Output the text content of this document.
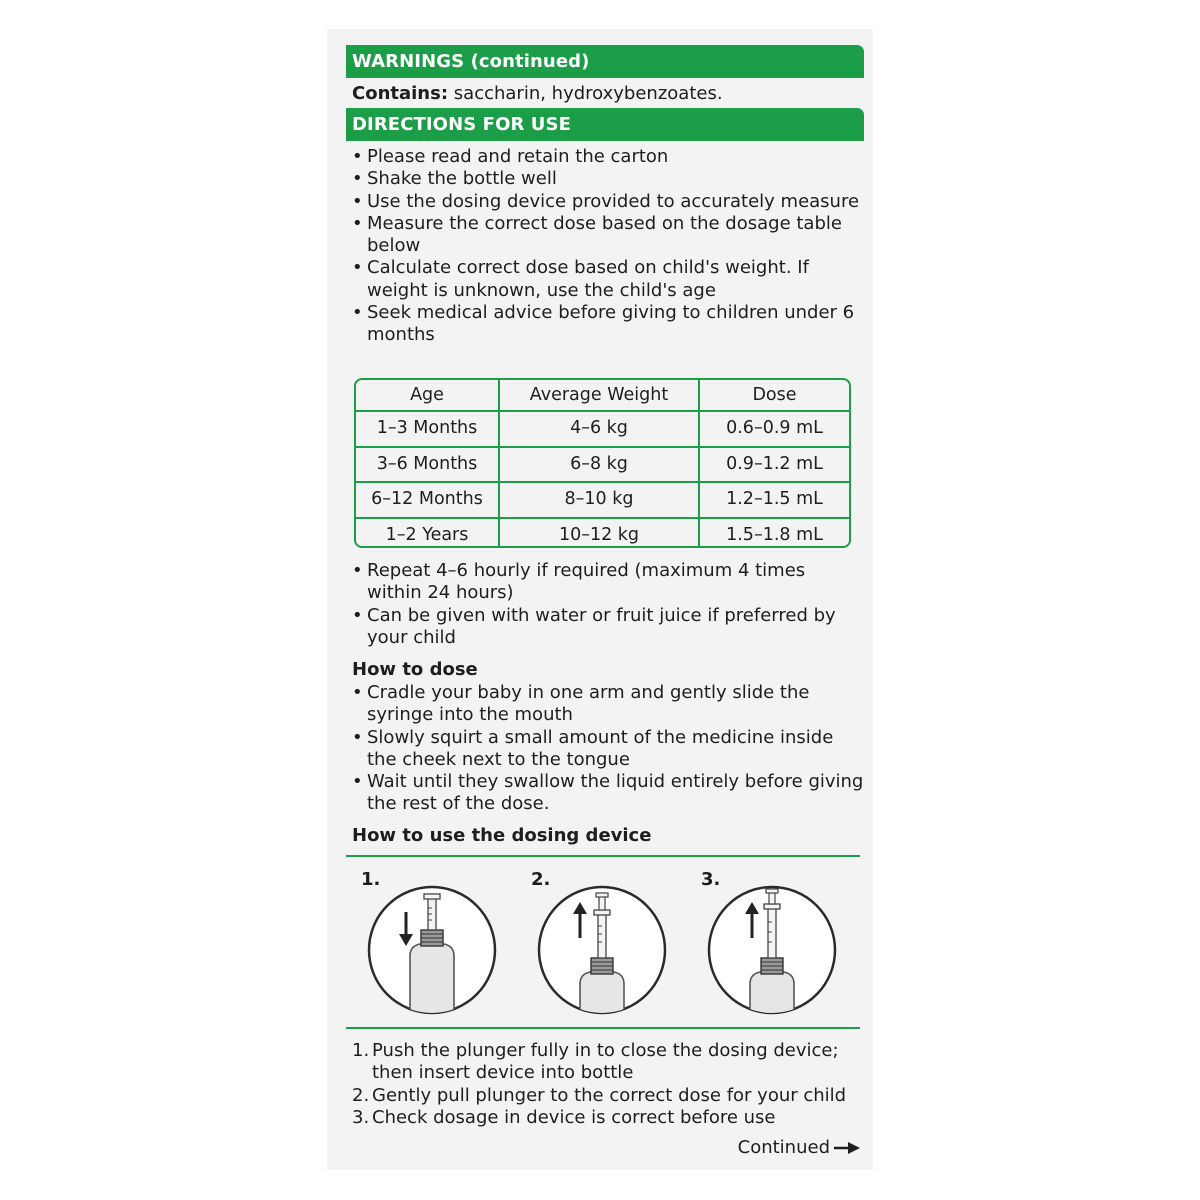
WARNINGS (continued)
Contains: saccharin, hydroxybenzoates.
DIRECTIONS FOR USE
• Please read and retain the carton
• Shake the bottle well
• Use the dosing device provided to accurately measure
• Measure the correct dose based on the dosage table below
• Calculate correct dose based on child's weight. If weight is unknown, use the child's age
• Seek medical advice before giving to children under 6 months
Age	Average Weight	Dose
1–3 Months	4–6 kg	0.6–0.9 mL
3–6 Months	6–8 kg	0.9–1.2 mL
6–12 Months	8–10 kg	1.2–1.5 mL
1–2 Years	10–12 kg	1.5–1.8 mL
• Repeat 4–6 hourly if required (maximum 4 times within 24 hours)
• Can be given with water or fruit juice if preferred by your child
How to dose
• Cradle your baby in one arm and gently slide the syringe into the mouth
• Slowly squirt a small amount of the medicine inside the cheek next to the tongue
• Wait until they swallow the liquid entirely before giving the rest of the dose.
How to use the dosing device
1.	2.	3.
1. Push the plunger fully in to close the dosing device; then insert device into bottle
2. Gently pull plunger to the correct dose for your child
3. Check dosage in device is correct before use
Continued
